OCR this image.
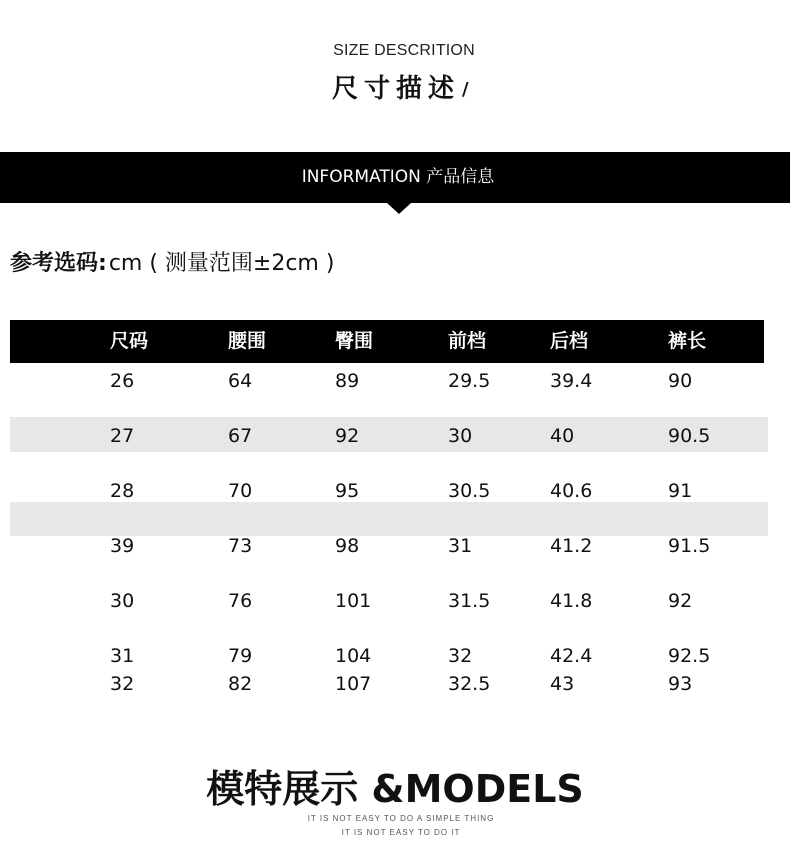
SIZE DESCRITION
尺寸描述 /
INFORMATION 产品信息
参考选码:cm ( 测量范围±2cm )
尺码	腰围	臀围	前档	后档	裤长
26	64	89	29.5	39.4	90
27	67	92	30	40	90.5
28	70	95	30.5	40.6	91
39	73	98	31	41.2	91.5
30	76	101	31.5	41.8	92
31	79	104	32	42.4	92.5
32	82	107	32.5	43	93
模特展示 &MODELS
IT IS NOT EASY TO DO A SIMPLE THING
IT IS NOT EASY TO DO IT
